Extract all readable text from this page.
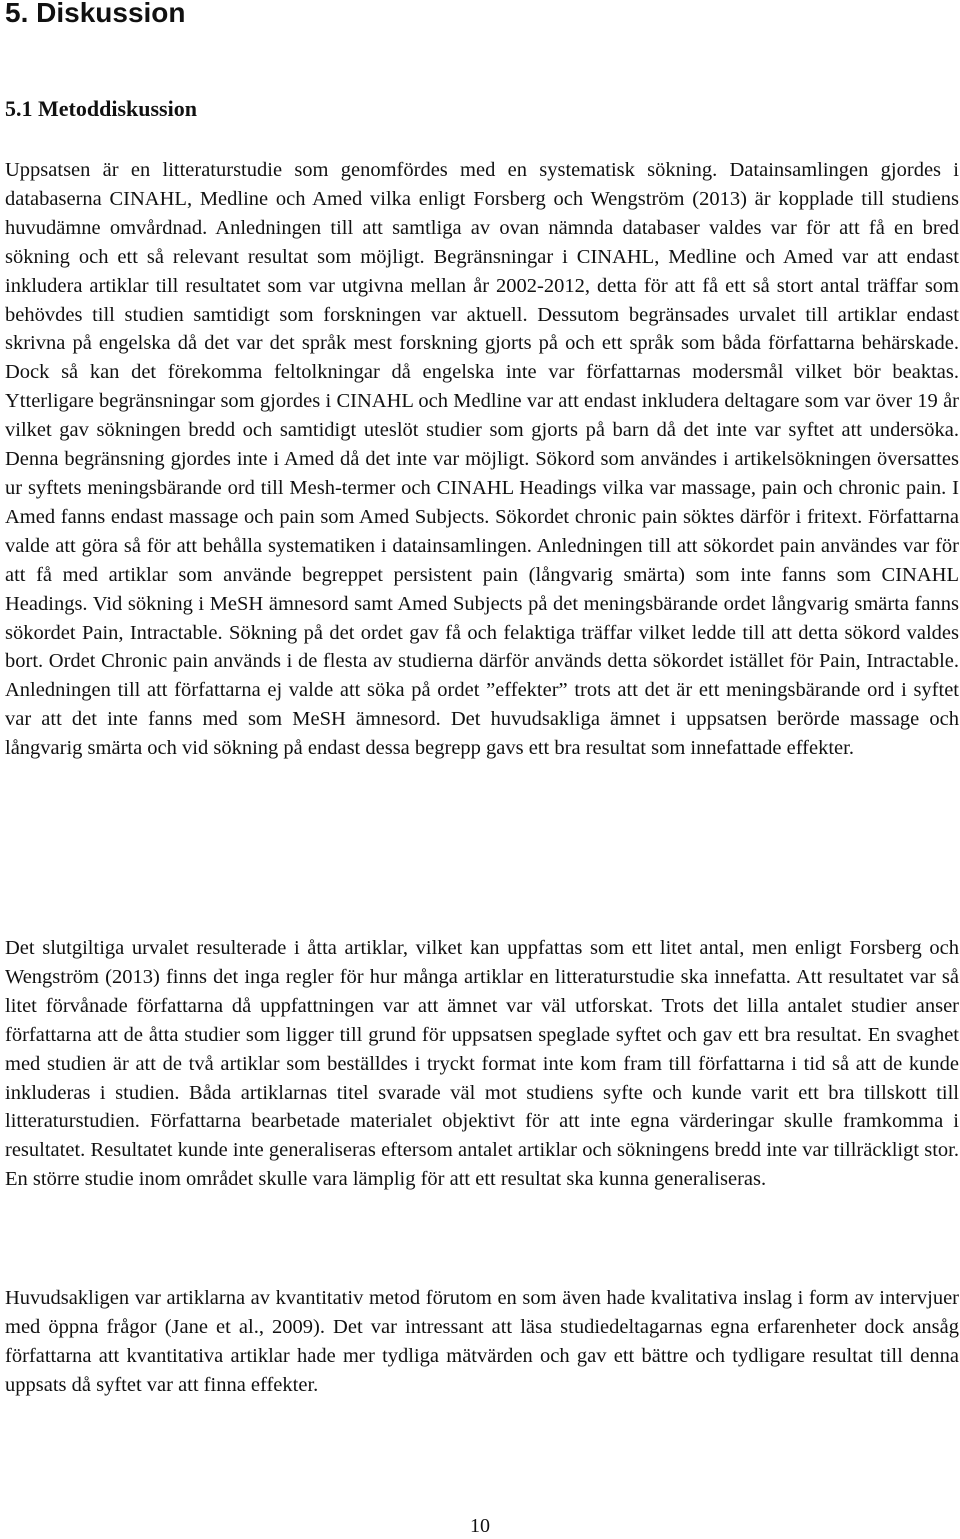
5. Diskussion
5.1 Metoddiskussion

Uppsatsen är en litteraturstudie som genomfördes med en systematisk sökning. Datainsamlingen gjordes i databaserna CINAHL, Medline och Amed vilka enligt Forsberg och Wengström (2013) är kopplade till studiens huvudämne omvårdnad. Anledningen till att samtliga av ovan nämnda databaser valdes var för att få en bred sökning och ett så relevant resultat som möjligt. Begränsningar i CINAHL, Medline och Amed var att endast inkludera artiklar till resultatet som var utgivna mellan år 2002-2012, detta för att få ett så stort antal träffar som behövdes till studien samtidigt som forskningen var aktuell. Dessutom begränsades urvalet till artiklar endast skrivna på engelska då det var det språk mest forskning gjorts på och ett språk som båda författarna behärskade. Dock så kan det förekomma feltolkningar då engelska inte var författarnas modersmål vilket bör beaktas. Ytterligare begränsningar som gjordes i CINAHL och Medline var att endast inkludera deltagare som var över 19 år vilket gav sökningen bredd och samtidigt uteslöt studier som gjorts på barn då det inte var syftet att undersöka. Denna begränsning gjordes inte i Amed då det inte var möjligt. Sökord som användes i artikelsökningen översattes ur syftets meningsbärande ord till Mesh-termer och CINAHL Headings vilka var massage, pain och chronic pain. I Amed fanns endast massage och pain som Amed Subjects. Sökordet chronic pain söktes därför i fritext. Författarna valde att göra så för att behålla systematiken i datainsamlingen. Anledningen till att sökordet pain användes var för att få med artiklar som använde begreppet persistent pain (långvarig smärta) som inte fanns som CINAHL Headings. Vid sökning i MeSH ämnesord samt Amed Subjects på det meningsbärande ordet långvarig smärta fanns sökordet Pain, Intractable. Sökning på det ordet gav få och felaktiga träffar vilket ledde till att detta sökord valdes bort. Ordet Chronic pain används i de flesta av studierna därför används detta sökordet istället för Pain, Intractable. Anledningen till att författarna ej valde att söka på ordet ”effekter” trots att det är ett meningsbärande ord i syftet var att det inte fanns med som MeSH ämnesord. Det huvudsakliga ämnet i uppsatsen berörde massage och långvarig smärta och vid sökning på endast dessa begrepp gavs ett bra resultat som innefattade effekter.

Det slutgiltiga urvalet resulterade i åtta artiklar, vilket kan uppfattas som ett litet antal, men enligt Forsberg och Wengström (2013) finns det inga regler för hur många artiklar en litteraturstudie ska innefatta. Att resultatet var så litet förvånade författarna då uppfattningen var att ämnet var väl utforskat. Trots det lilla antalet studier anser författarna att de åtta studier som ligger till grund för uppsatsen speglade syftet och gav ett bra resultat. En svaghet med studien är att de två artiklar som beställdes i tryckt format inte kom fram till författarna i tid så att de kunde inkluderas i studien. Båda artiklarnas titel svarade väl mot studiens syfte och kunde varit ett bra tillskott till litteraturstudien. Författarna bearbetade materialet objektivt för att inte egna värderingar skulle framkomma i resultatet. Resultatet kunde inte generaliseras eftersom antalet artiklar och sökningens bredd inte var tillräckligt stor. En större studie inom området skulle vara lämplig för att ett resultat ska kunna generaliseras.

Huvudsakligen var artiklarna av kvantitativ metod förutom en som även hade kvalitativa inslag i form av intervjuer med öppna frågor (Jane et al., 2009). Det var intressant att läsa studiedeltagarnas egna erfarenheter dock ansåg författarna att kvantitativa artiklar hade mer tydliga mätvärden och gav ett bättre och tydligare resultat till denna uppsats då syftet var att finna effekter.

10
